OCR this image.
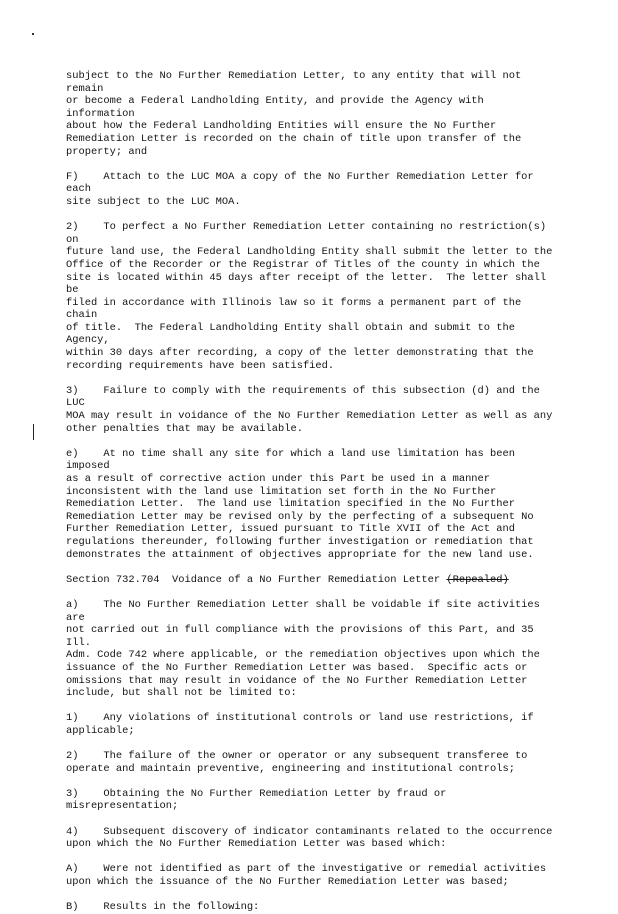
subject to the No Further Remediation Letter, to any entity that will not remain
or become a Federal Landholding Entity, and provide the Agency with information
about how the Federal Landholding Entities will ensure the No Further
Remediation Letter is recorded on the chain of title upon transfer of the
property; and

F)    Attach to the LUC MOA a copy of the No Further Remediation Letter for each
site subject to the LUC MOA.

2)    To perfect a No Further Remediation Letter containing no restriction(s) on
future land use, the Federal Landholding Entity shall submit the letter to the
Office of the Recorder or the Registrar of Titles of the county in which the
site is located within 45 days after receipt of the letter.  The letter shall be
filed in accordance with Illinois law so it forms a permanent part of the chain
of title.  The Federal Landholding Entity shall obtain and submit to the Agency,
within 30 days after recording, a copy of the letter demonstrating that the
recording requirements have been satisfied.

3)    Failure to comply with the requirements of this subsection (d) and the LUC
MOA may result in voidance of the No Further Remediation Letter as well as any
other penalties that may be available.

e)    At no time shall any site for which a land use limitation has been imposed
as a result of corrective action under this Part be used in a manner
inconsistent with the land use limitation set forth in the No Further
Remediation Letter.  The land use limitation specified in the No Further
Remediation Letter may be revised only by the perfecting of a subsequent No
Further Remediation Letter, issued pursuant to Title XVII of the Act and
regulations thereunder, following further investigation or remediation that
demonstrates the attainment of objectives appropriate for the new land use.

Section 732.704  Voidance of a No Further Remediation Letter (Repealed)

a)    The No Further Remediation Letter shall be voidable if site activities are
not carried out in full compliance with the provisions of this Part, and 35 Ill.
Adm. Code 742 where applicable, or the remediation objectives upon which the
issuance of the No Further Remediation Letter was based.  Specific acts or
omissions that may result in voidance of the No Further Remediation Letter
include, but shall not be limited to:

1)    Any violations of institutional controls or land use restrictions, if
applicable;

2)    The failure of the owner or operator or any subsequent transferee to
operate and maintain preventive, engineering and institutional controls;

3)    Obtaining the No Further Remediation Letter by fraud or misrepresentation;

4)    Subsequent discovery of indicator contaminants related to the occurrence
upon which the No Further Remediation Letter was based which:

A)    Were not identified as part of the investigative or remedial activities
upon which the issuance of the No Further Remediation Letter was based;

B)    Results in the following:
